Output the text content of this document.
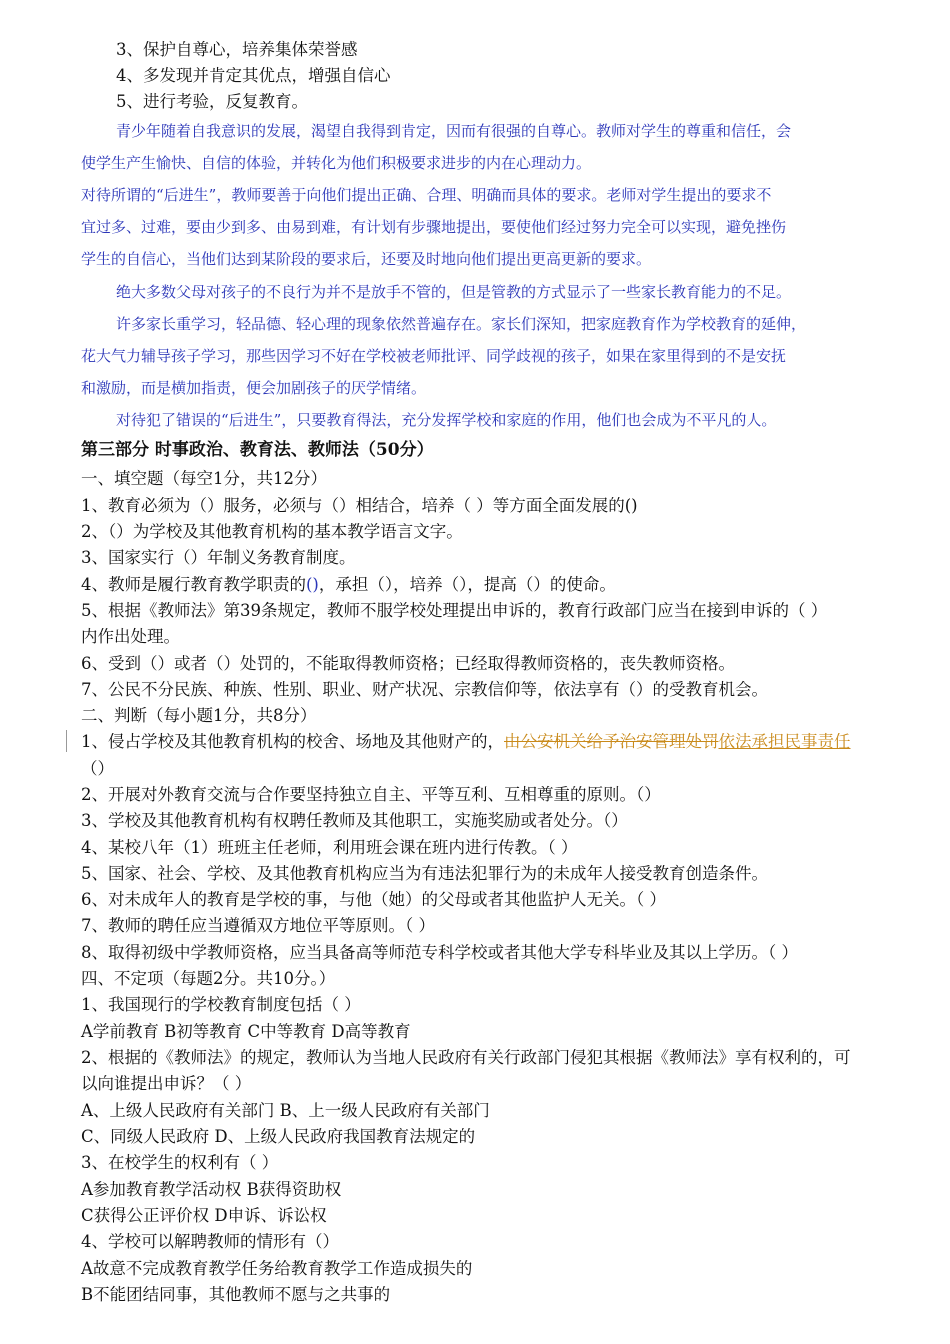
3、保护自尊心，培养集体荣誉感
4、多发现并肯定其优点，增强自信心
5、进行考验，反复教育。
青少年随着自我意识的发展，渴望自我得到肯定，因而有很强的自尊心。教师对学生的尊重和信任，会
使学生产生愉快、自信的体验，并转化为他们积极要求进步的内在心理动力。
对待所谓的“后进生”，教师要善于向他们提出正确、合理、明确而具体的要求。老师对学生提出的要求不
宜过多、过难，要由少到多、由易到难，有计划有步骤地提出，要使他们经过努力完全可以实现，避免挫伤
学生的自信心，当他们达到某阶段的要求后，还要及时地向他们提出更高更新的要求。
绝大多数父母对孩子的不良行为并不是放手不管的，但是管教的方式显示了一些家长教育能力的不足。
许多家长重学习，轻品德、轻心理的现象依然普遍存在。家长们深知，把家庭教育作为学校教育的延伸，
花大气力辅导孩子学习，那些因学习不好在学校被老师批评、同学歧视的孩子，如果在家里得到的不是安抚
和激励，而是横加指责，便会加剧孩子的厌学情绪。
对待犯了错误的“后进生”，只要教育得法，充分发挥学校和家庭的作用，他们也会成为不平凡的人。
第三部分 时事政治、教育法、教师法（50分）
一、填空题（每空1分，共12分）
1、教育必须为（）服务，必须与（）相结合，培养（ ）等方面全面发展的()
2、（）为学校及其他教育机构的基本教学语言文字。
3、国家实行（）年制义务教育制度。
4、教师是履行教育教学职责的()，承担（），培养（），提高（）的使命。
5、根据《教师法》第39条规定，教师不服学校处理提出申诉的，教育行政部门应当在接到申诉的（ ）
内作出处理。
6、受到（）或者（）处罚的，不能取得教师资格；已经取得教师资格的，丧失教师资格。
7、公民不分民族、种族、性别、职业、财产状况、宗教信仰等，依法享有（）的受教育机会。
二、判断（每小题1分，共8分）
1、侵占学校及其他教育机构的校舍、场地及其他财产的，由公安机关给予治安管理处罚依法承担民事责任
（）
2、开展对外教育交流与合作要坚持独立自主、平等互利、互相尊重的原则。（）
3、学校及其他教育机构有权聘任教师及其他职工，实施奖励或者处分。（）
4、某校八年（1）班班主任老师，利用班会课在班内进行传教。（ ）
5、国家、社会、学校、及其他教育机构应当为有违法犯罪行为的未成年人接受教育创造条件。
6、对未成年人的教育是学校的事，与他（她）的父母或者其他监护人无关。（ ）
7、教师的聘任应当遵循双方地位平等原则。（ ）
8、取得初级中学教师资格，应当具备高等师范专科学校或者其他大学专科毕业及其以上学历。（ ）
四、不定项（每题2分。共10分。）
1、我国现行的学校教育制度包括（ ）
A学前教育 B初等教育 C中等教育 D高等教育
2、根据的《教师法》的规定，教师认为当地人民政府有关行政部门侵犯其根据《教师法》享有权利的，可
以向谁提出申诉？（ ）
A、上级人民政府有关部门 B、上一级人民政府有关部门
C、同级人民政府 D、上级人民政府我国教育法规定的
3、在校学生的权利有（ ）
A参加教育教学活动权 B获得资助权
C获得公正评价权 D申诉、诉讼权
4、学校可以解聘教师的情形有（）
A故意不完成教育教学任务给教育教学工作造成损失的
B不能团结同事，其他教师不愿与之共事的
